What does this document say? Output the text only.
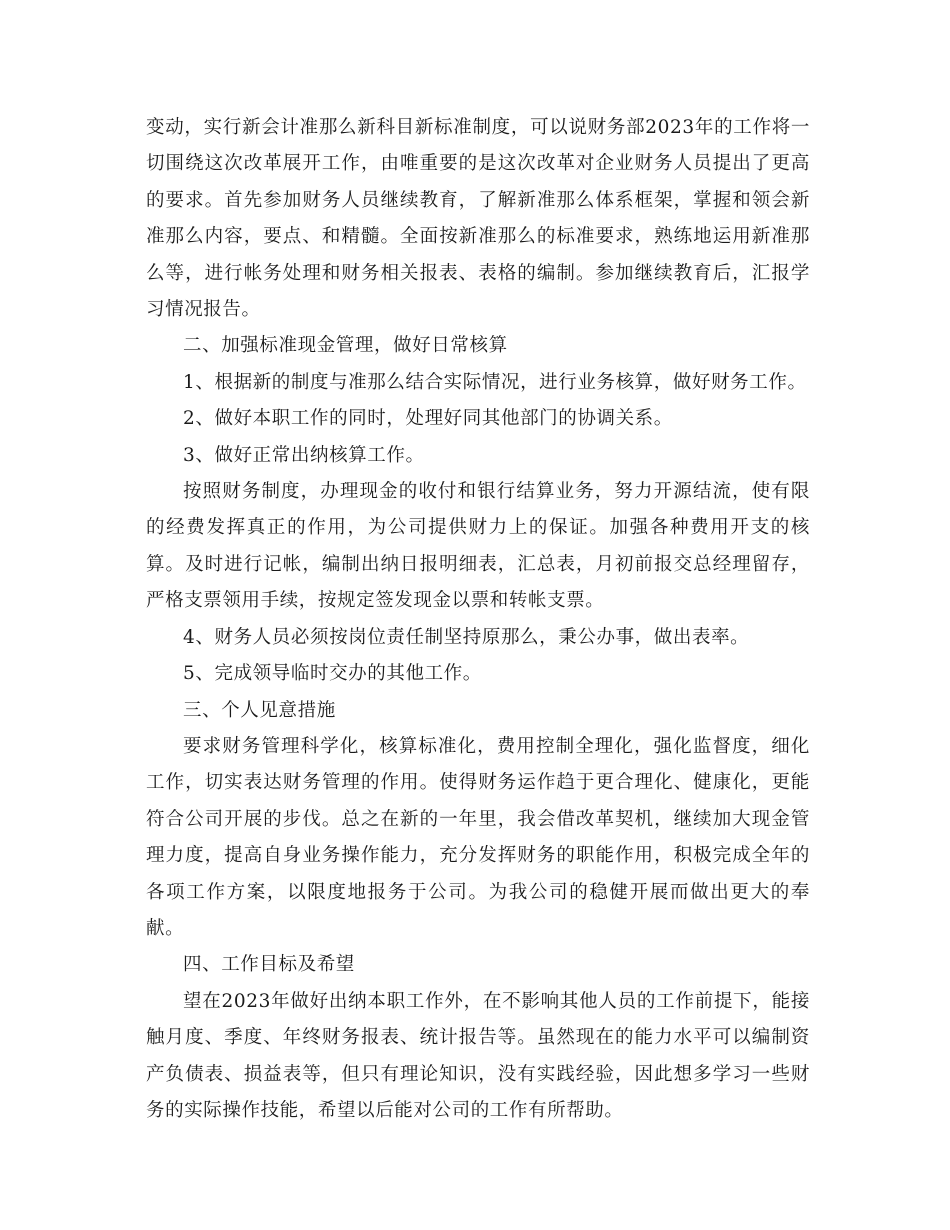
变动，实行新会计准那么新科目新标准制度，可以说财务部2023年的工作将一切围绕这次改革展开工作，由唯重要的是这次改革对企业财务人员提出了更高的要求。首先参加财务人员继续教育，了解新准那么体系框架，掌握和领会新准那么内容，要点、和精髓。全面按新准那么的标准要求，熟练地运用新准那么等，进行帐务处理和财务相关报表、表格的编制。参加继续教育后，汇报学习情况报告。

二、加强标准现金管理，做好日常核算

1、根据新的制度与准那么结合实际情况，进行业务核算，做好财务工作。

2、做好本职工作的同时，处理好同其他部门的协调关系。

3、做好正常出纳核算工作。

按照财务制度，办理现金的收付和银行结算业务，努力开源结流，使有限的经费发挥真正的作用，为公司提供财力上的保证。加强各种费用开支的核算。及时进行记帐，编制出纳日报明细表，汇总表，月初前报交总经理留存，严格支票领用手续，按规定签发现金以票和转帐支票。

4、财务人员必须按岗位责任制坚持原那么，秉公办事，做出表率。

5、完成领导临时交办的其他工作。

三、个人见意措施

要求财务管理科学化，核算标准化，费用控制全理化，强化监督度，细化工作，切实表达财务管理的作用。使得财务运作趋于更合理化、健康化，更能符合公司开展的步伐。总之在新的一年里，我会借改革契机，继续加大现金管理力度，提高自身业务操作能力，充分发挥财务的职能作用，积极完成全年的各项工作方案，以限度地报务于公司。为我公司的稳健开展而做出更大的奉献。

四、工作目标及希望

望在2023年做好出纳本职工作外，在不影响其他人员的工作前提下，能接触月度、季度、年终财务报表、统计报告等。虽然现在的能力水平可以编制资产负债表、损益表等，但只有理论知识，没有实践经验，因此想多学习一些财务的实际操作技能，希望以后能对公司的工作有所帮助。
